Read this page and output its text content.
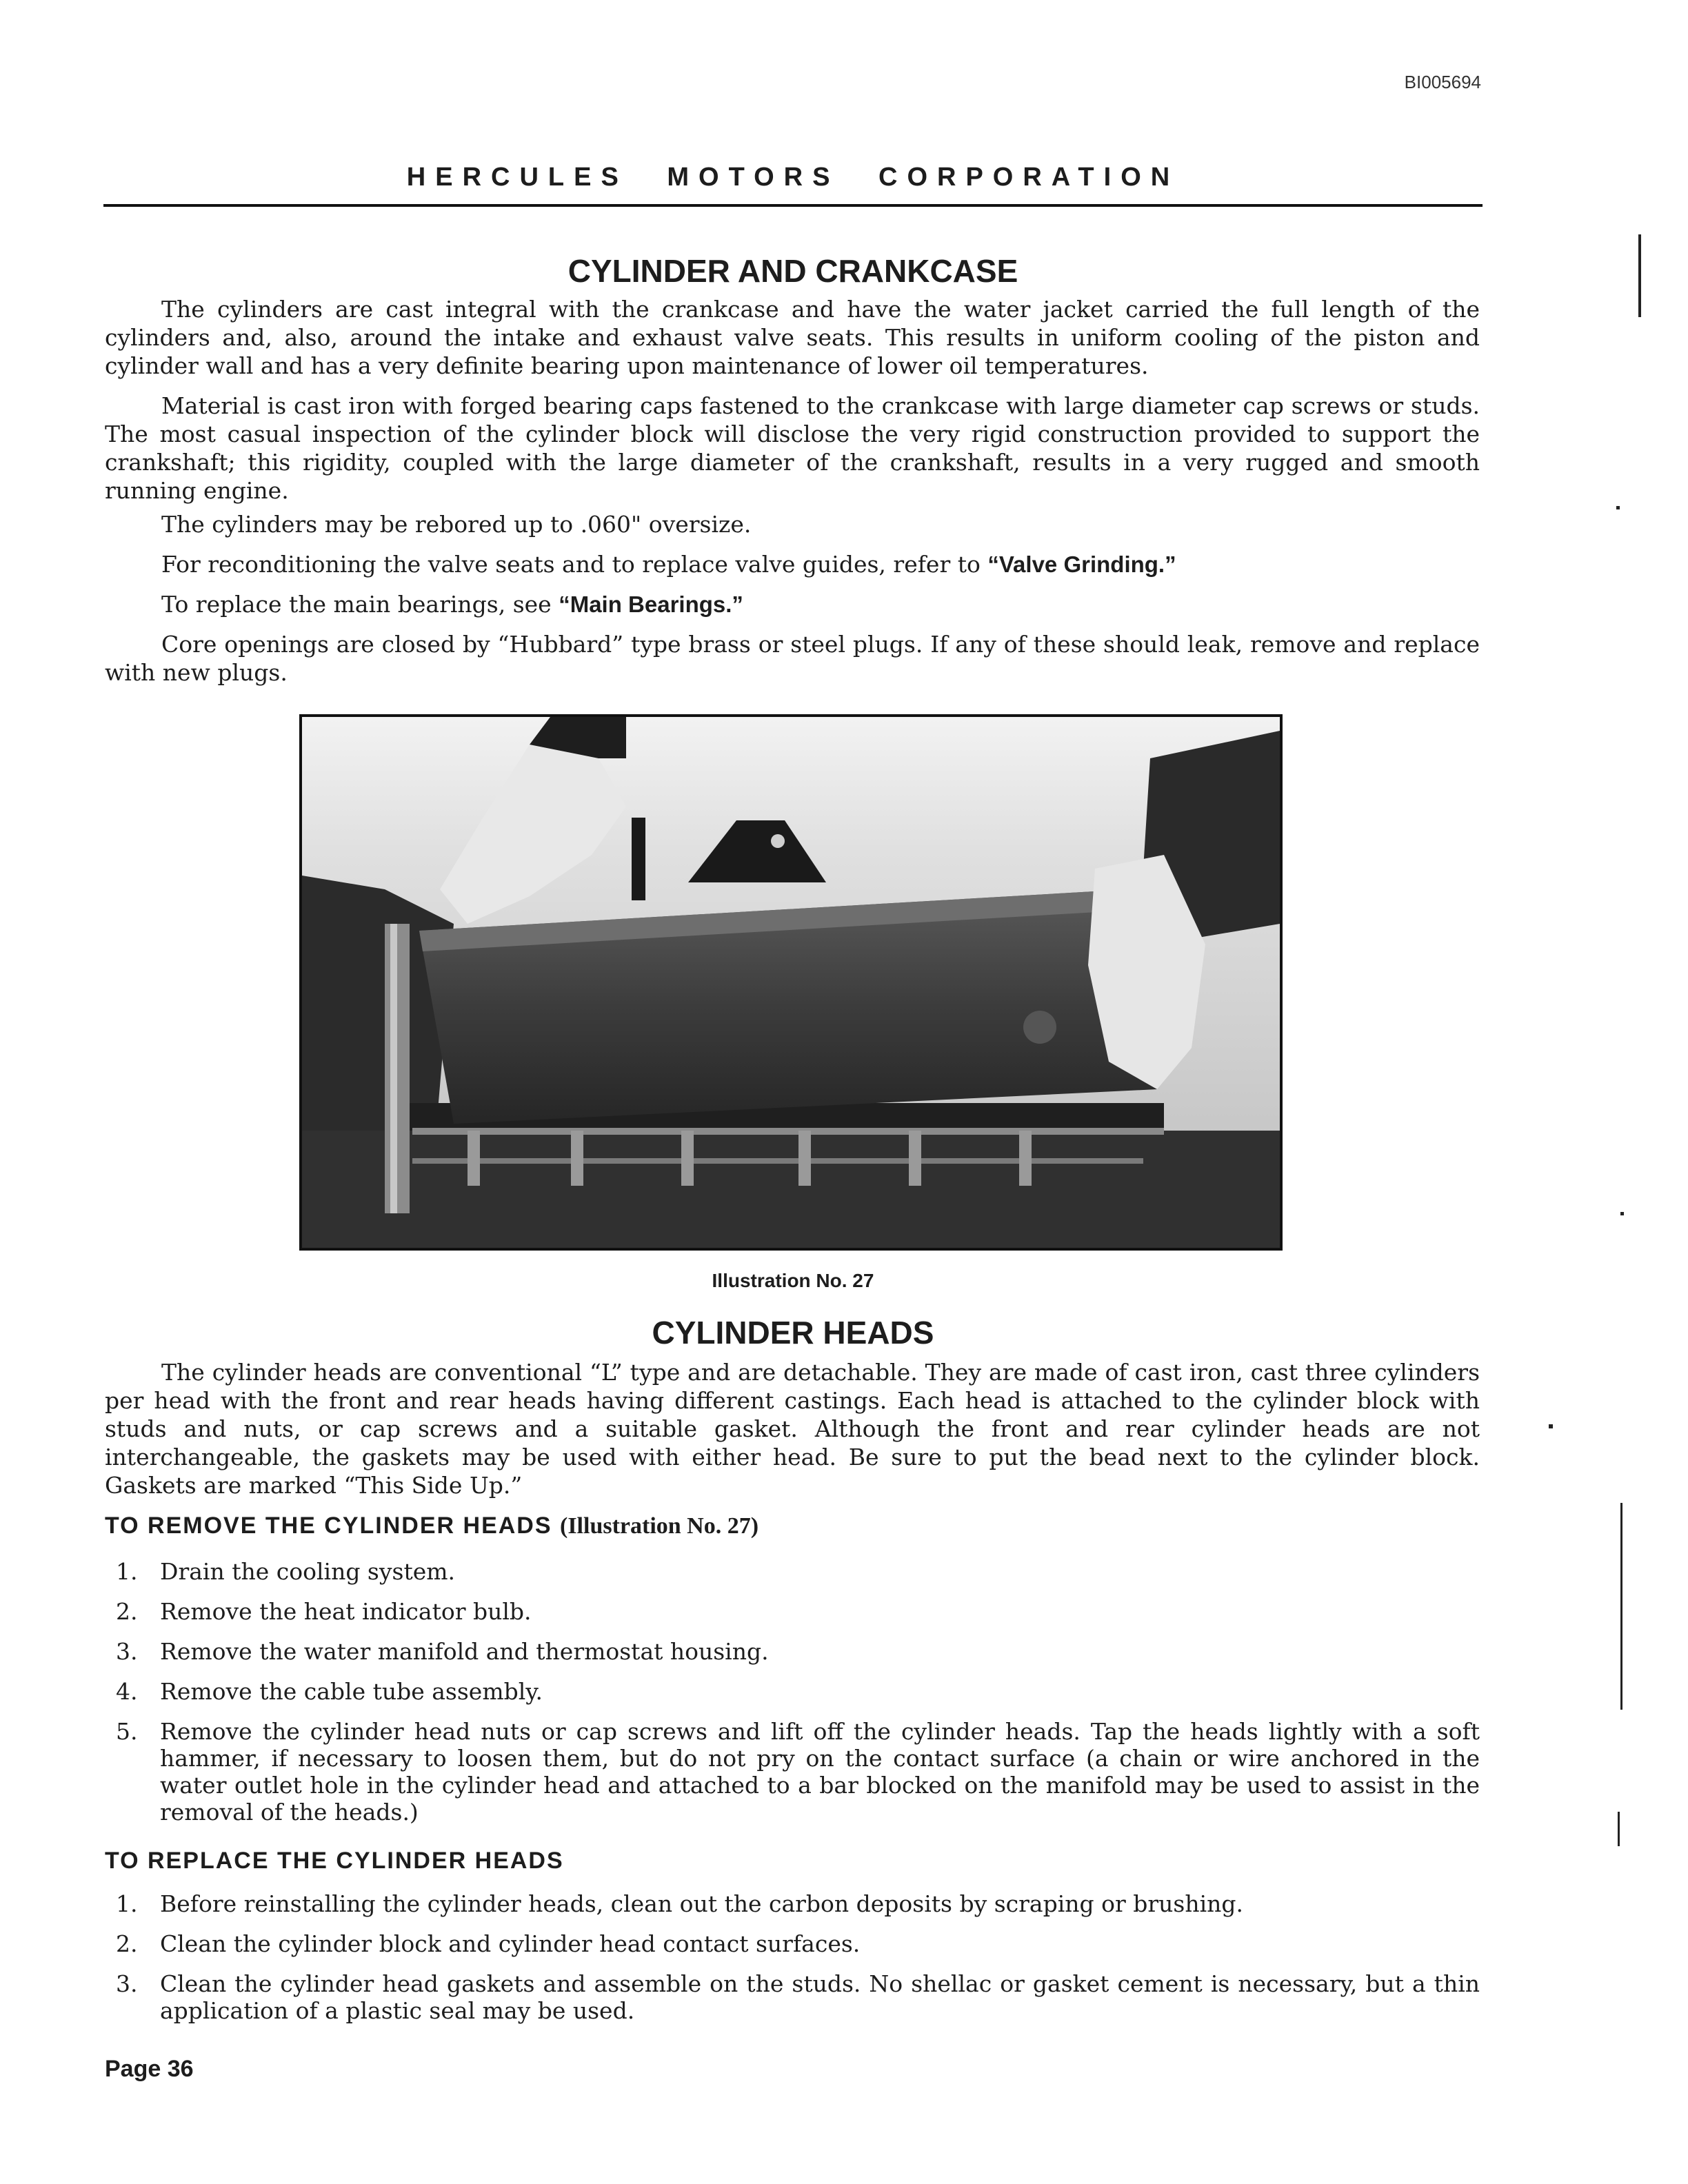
BI005694
HERCULES MOTORS CORPORATION
CYLINDER AND CRANKCASE
The cylinders are cast integral with the crankcase and have the water jacket carried the full length of the cylinders and, also, around the intake and exhaust valve seats. This results in uniform cooling of the piston and cylinder wall and has a very definite bearing upon maintenance of lower oil temperatures.
Material is cast iron with forged bearing caps fastened to the crankcase with large diameter cap screws or studs. The most casual inspection of the cylinder block will disclose the very rigid construction provided to support the crankshaft; this rigidity, coupled with the large diameter of the crankshaft, results in a very rugged and smooth running engine.
The cylinders may be rebored up to .060" oversize.
For reconditioning the valve seats and to replace valve guides, refer to “Valve Grinding.”
To replace the main bearings, see “Main Bearings.”
Core openings are closed by “Hubbard” type brass or steel plugs. If any of these should leak, remove and replace with new plugs.
Illustration No. 27
CYLINDER HEADS
The cylinder heads are conventional “L” type and are detachable. They are made of cast iron, cast three cylinders per head with the front and rear heads having different castings. Each head is attached to the cylinder block with studs and nuts, or cap screws and a suitable gasket. Although the front and rear cylinder heads are not interchangeable, the gaskets may be used with either head. Be sure to put the bead next to the cylinder block. Gaskets are marked “This Side Up.”
TO REMOVE THE CYLINDER HEADS (Illustration No. 27)
1. Drain the cooling system.
2. Remove the heat indicator bulb.
3. Remove the water manifold and thermostat housing.
4. Remove the cable tube assembly.
5. Remove the cylinder head nuts or cap screws and lift off the cylinder heads. Tap the heads lightly with a soft hammer, if necessary to loosen them, but do not pry on the contact surface (a chain or wire anchored in the water outlet hole in the cylinder head and attached to a bar blocked on the manifold may be used to assist in the removal of the heads.)
TO REPLACE THE CYLINDER HEADS
1. Before reinstalling the cylinder heads, clean out the carbon deposits by scraping or brushing.
2. Clean the cylinder block and cylinder head contact surfaces.
3. Clean the cylinder head gaskets and assemble on the studs. No shellac or gasket cement is necessary, but a thin application of a plastic seal may be used.
Page 36
